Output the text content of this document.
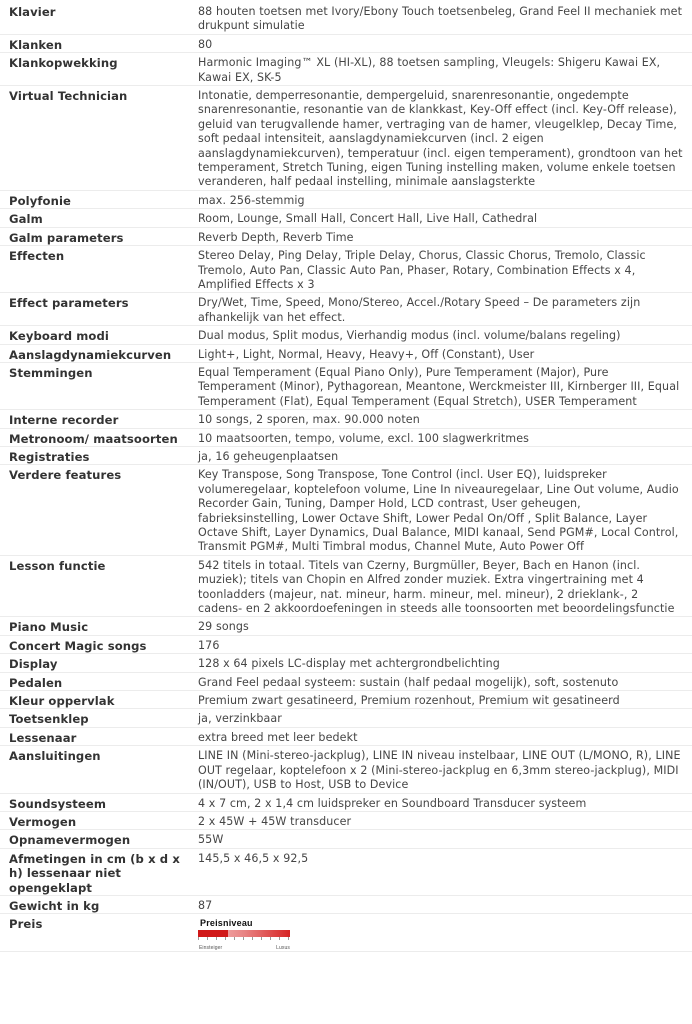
Klavier	88 houten toetsen met Ivory/Ebony Touch toetsenbeleg, Grand Feel II mechaniek met drukpunt simulatie
Klanken	80
Klankopwekking	Harmonic Imaging™ XL (HI-XL), 88 toetsen sampling, Vleugels: Shigeru Kawai EX, Kawai EX, SK-5
Virtual Technician	Intonatie, demperresonantie, dempergeluid, snarenresonantie, ongedempte snarenresonantie, resonantie van de klankkast, Key-Off effect (incl. Key-Off release), geluid van terugvallende hamer, vertraging van de hamer, vleugelklep, Decay Time, soft pedaal intensiteit, aanslagdynamiekcurven (incl. 2 eigen aanslagdynamiekcurven), temperatuur (incl. eigen temperament), grondtoon van het temperament, Stretch Tuning, eigen Tuning instelling maken, volume enkele toetsen veranderen, half pedaal instelling, minimale aanslagsterkte
Polyfonie	max. 256-stemmig
Galm	Room, Lounge, Small Hall, Concert Hall, Live Hall, Cathedral
Galm parameters	Reverb Depth, Reverb Time
Effecten	Stereo Delay, Ping Delay, Triple Delay, Chorus, Classic Chorus, Tremolo, Classic Tremolo, Auto Pan, Classic Auto Pan, Phaser, Rotary, Combination Effects x 4, Amplified Effects x 3
Effect parameters	Dry/Wet, Time, Speed, Mono/Stereo, Accel./Rotary Speed – De parameters zijn afhankelijk van het effect.
Keyboard modi	Dual modus, Split modus, Vierhandig modus (incl. volume/balans regeling)
Aanslagdynamiekcurven	Light+, Light, Normal, Heavy, Heavy+, Off (Constant), User
Stemmingen	Equal Temperament (Equal Piano Only), Pure Temperament (Major), Pure Temperament (Minor), Pythagorean, Meantone, Werckmeister III, Kirnberger III, Equal Temperament (Flat), Equal Temperament (Equal Stretch), USER Temperament
Interne recorder	10 songs, 2 sporen, max. 90.000 noten
Metronoom/ maatsoorten	10 maatsoorten, tempo, volume, excl. 100 slagwerkritmes
Registraties	ja, 16 geheugenplaatsen
Verdere features	Key Transpose, Song Transpose, Tone Control (incl. User EQ), luidspreker volumeregelaar, koptelefoon volume, Line In niveauregelaar, Line Out volume, Audio Recorder Gain, Tuning, Damper Hold, LCD contrast, User geheugen, fabrieksinstelling, Lower Octave Shift, Lower Pedal On/Off , Split Balance, Layer Octave Shift, Layer Dynamics, Dual Balance, MIDI kanaal, Send PGM#, Local Control, Transmit PGM#, Multi Timbral modus, Channel Mute, Auto Power Off
Lesson functie	542 titels in totaal. Titels van Czerny, Burgmüller, Beyer, Bach en Hanon (incl. muziek); titels van Chopin en Alfred zonder muziek. Extra vingertraining met 4 toonladders (majeur, nat. mineur, harm. mineur, mel. mineur), 2 drieklank-, 2 cadens- en 2 akkoordoefeningen in steeds alle toonsoorten met beoordelingsfunctie
Piano Music	29 songs
Concert Magic songs	176
Display	128 x 64 pixels LC-display met achtergrondbelichting
Pedalen	Grand Feel pedaal systeem: sustain (half pedaal mogelijk), soft, sostenuto
Kleur oppervlak	Premium zwart gesatineerd, Premium rozenhout, Premium wit gesatineerd
Toetsenklep	ja, verzinkbaar
Lessenaar	extra breed met leer bedekt
Aansluitingen	LINE IN (Mini-stereo-jackplug), LINE IN niveau instelbaar, LINE OUT (L/MONO, R), LINE OUT regelaar, koptelefoon x 2 (Mini-stereo-jackplug en 6,3mm stereo-jackplug), MIDI (IN/OUT), USB to Host, USB to Device
Soundsysteem	4 x 7 cm, 2 x 1,4 cm luidspreker en Soundboard Transducer systeem
Vermogen	2 x 45W + 45W transducer
Opnamevermogen	55W
Afmetingen in cm (b x d x h) lessenaar niet opengeklapt	145,5 x 46,5 x 92,5
Gewicht in kg	87
Preis	Preisniveau
Einsteiger Luxus
